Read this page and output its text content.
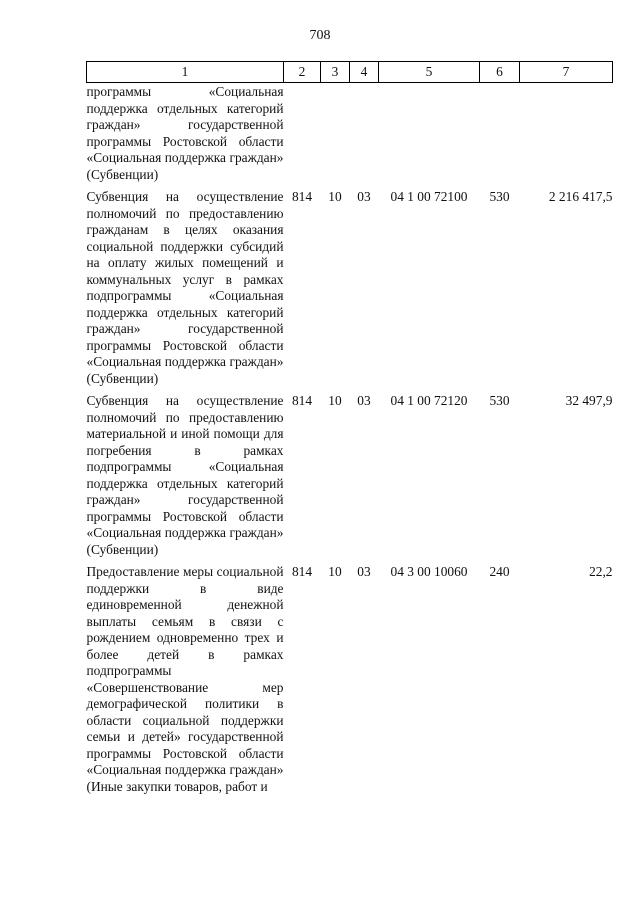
708
1	2	3	4	5	6	7
программы «Социальная поддержка отдельных категорий граждан» государственной программы Ростовской области «Социальная поддержка граждан» (Субвенции)						
Субвенция на осуществление полномочий по предоставлению гражданам в целях оказания социальной поддержки субсидий на оплату жилых помещений и коммунальных услуг в рамках подпрограммы «Социальная поддержка отдельных категорий граждан» государственной программы Ростовской области «Социальная поддержка граждан» (Субвенции)	814	10	03	04 1 00 72100	530	2 216 417,5
Субвенция на осуществление полномочий по предоставлению материальной и иной помощи для погребения в рамках подпрограммы «Социальная поддержка отдельных категорий граждан» государственной программы Ростовской области «Социальная поддержка граждан» (Субвенции)	814	10	03	04 1 00 72120	530	32 497,9
Предоставление меры социальной поддержки в виде единовременной денежной выплаты семьям в связи с рождением одновременно трех и более детей в рамках подпрограммы «Совершенствование мер демографической политики в области социальной поддержки семьи и детей» государственной программы Ростовской области «Социальная поддержка граждан» (Иные закупки товаров, работ и	814	10	03	04 3 00 10060	240	22,2
